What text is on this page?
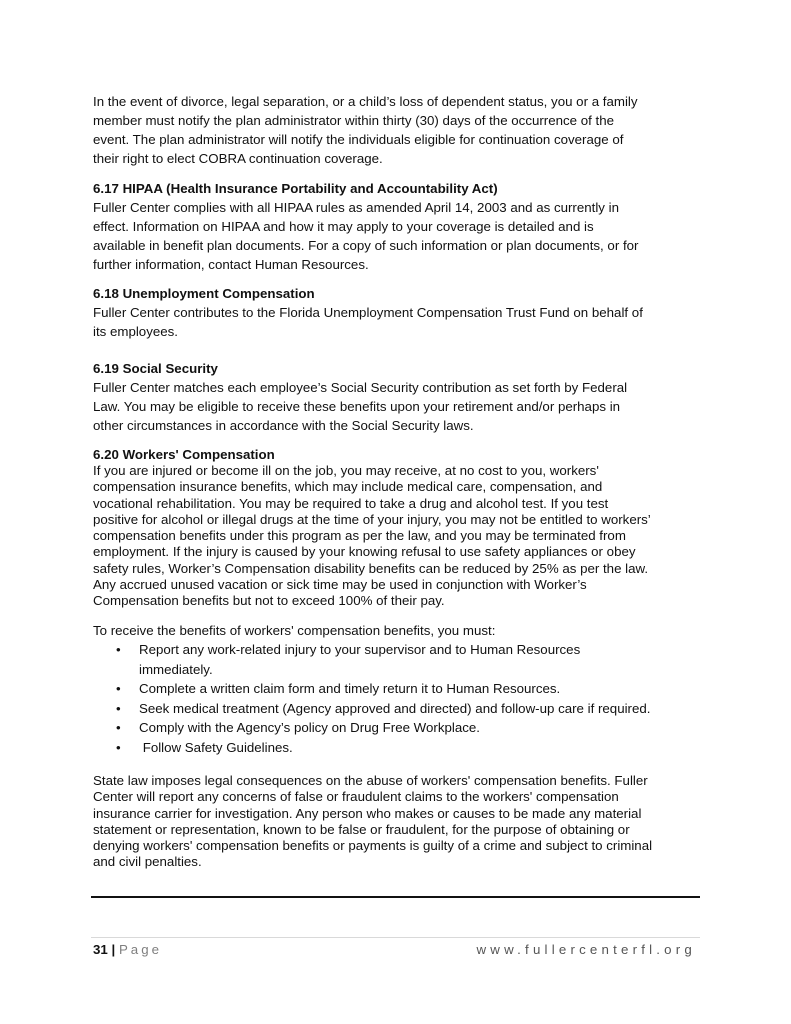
In the event of divorce, legal separation, or a child’s loss of dependent status, you or a family
member must notify the plan administrator within thirty (30) days of the occurrence of the
event. The plan administrator will notify the individuals eligible for continuation coverage of
their right to elect COBRA continuation coverage.

6.17 HIPAA (Health Insurance Portability and Accountability Act)

Fuller Center complies with all HIPAA rules as amended April 14, 2003 and as currently in
effect. Information on HIPAA and how it may apply to your coverage is detailed and is
available in benefit plan documents. For a copy of such information or plan documents, or for
further information, contact Human Resources.

6.18 Unemployment Compensation

Fuller Center contributes to the Florida Unemployment Compensation Trust Fund on behalf of
its employees.

6.19 Social Security

Fuller Center matches each employee’s Social Security contribution as set forth by Federal
Law. You may be eligible to receive these benefits upon your retirement and/or perhaps in
other circumstances in accordance with the Social Security laws.

6.20 Workers' Compensation

If you are injured or become ill on the job, you may receive, at no cost to you, workers'
compensation insurance benefits, which may include medical care, compensation, and
vocational rehabilitation. You may be required to take a drug and alcohol test. If you test
positive for alcohol or illegal drugs at the time of your injury, you may not be entitled to workers’
compensation benefits under this program as per the law, and you may be terminated from
employment. If the injury is caused by your knowing refusal to use safety appliances or obey
safety rules, Worker’s Compensation disability benefits can be reduced by 25% as per the law.
Any accrued unused vacation or sick time may be used in conjunction with Worker’s
Compensation benefits but not to exceed 100% of their pay.

To receive the benefits of workers' compensation benefits, you must:

• Report any work-related injury to your supervisor and to Human Resources
immediately.
• Complete a written claim form and timely return it to Human Resources.
• Seek medical treatment (Agency approved and directed) and follow-up care if required.
• Comply with the Agency’s policy on Drug Free Workplace.
• Follow Safety Guidelines.

State law imposes legal consequences on the abuse of workers' compensation benefits. Fuller
Center will report any concerns of false or fraudulent claims to the workers' compensation
insurance carrier for investigation. Any person who makes or causes to be made any material
statement or representation, known to be false or fraudulent, for the purpose of obtaining or
denying workers' compensation benefits or payments is guilty of a crime and subject to criminal
and civil penalties.

31 | Page	www.fullercenterfl.org
